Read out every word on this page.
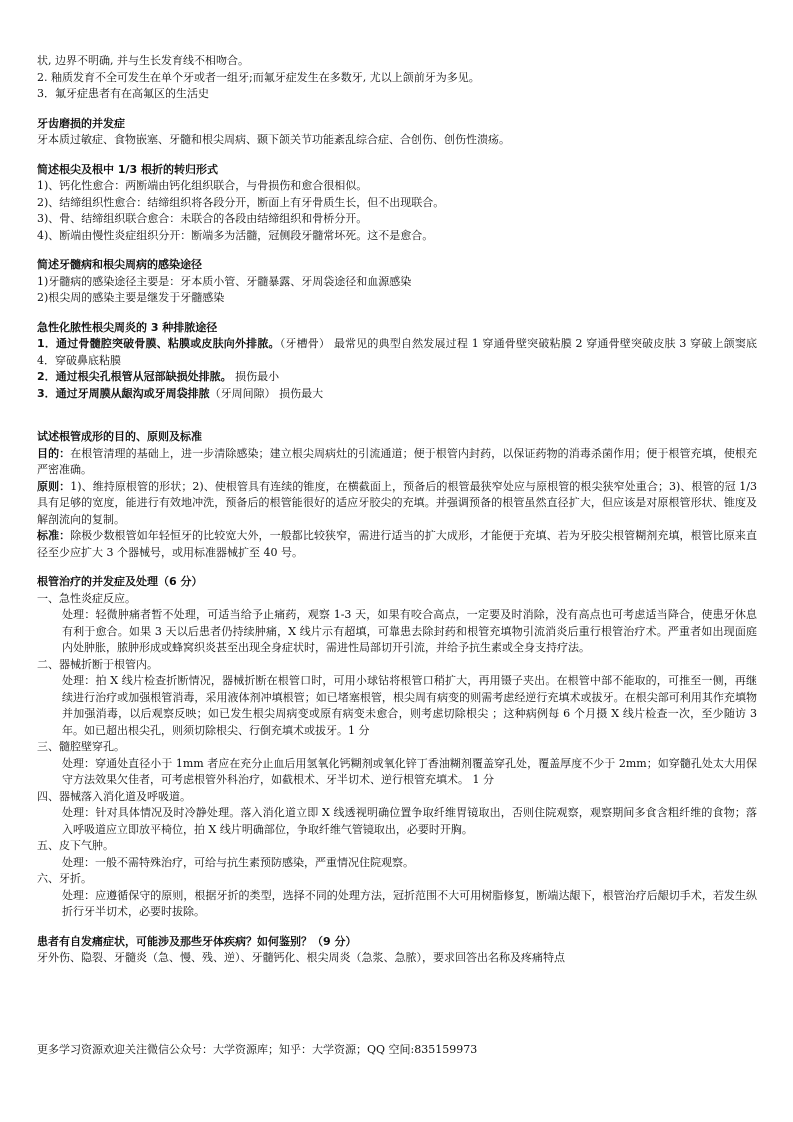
状, 边界不明确, 并与生长发育线不相吻合。

2. 釉质发育不全可发生在单个牙或者一组牙;而氟牙症发生在多数牙, 尤以上颌前牙为多见。

3．氟牙症患者有在高氟区的生活史

牙齿磨损的并发症

牙本质过敏症、食物嵌塞、牙髓和根尖周病、颞下颌关节功能紊乱综合症、合创伤、创伤性溃疡。

简述根尖及根中 1/3 根折的转归形式

1)、钙化性愈合：两断端由钙化组织联合，与骨损伤和愈合很相似。

2)、结缔组织性愈合：结缔组织将各段分开，断面上有牙骨质生长，但不出现联合。

3)、骨、结缔组织联合愈合：未联合的各段由结缔组织和骨桥分开。

4)、断端由慢性炎症组织分开：断端多为活髓，冠侧段牙髓常坏死。这不是愈合。

简述牙髓病和根尖周病的感染途径

1)牙髓病的感染途径主要是：牙本质小管、牙髓暴露、牙周袋途径和血源感染

2)根尖周的感染主要是继发于牙髓感染

急性化脓性根尖周炎的 3 种排脓途径

1．通过骨髓腔突破骨膜、粘膜或皮肤向外排脓。（牙槽骨） 最常见的典型自然发展过程 1 穿通骨壁突破粘膜 2 穿通骨壁突破皮肤 3 穿破上颌窦底 4．穿破鼻底粘膜

2．通过根尖孔根管从冠部缺损处排脓。 损伤最小

3．通过牙周膜从龈沟或牙周袋排脓（牙周间隙） 损伤最大

试述根管成形的目的、原则及标准

目的：在根管清理的基础上，进一步清除感染；建立根尖周病灶的引流通道；便于根管内封药，以保证药物的消毒杀菌作用；便于根管充填，使根充严密准确。

原则：1)、维持原根管的形状；2)、使根管具有连续的锥度，在横截面上，预备后的根管最狭窄处应与原根管的根尖狭窄处重合；3)、根管的冠 1/3 具有足够的宽度，能进行有效地冲洗，预备后的根管能很好的适应牙胶尖的充填。并强调预备的根管虽然直径扩大，但应该是对原根管形状、锥度及解剖流向的复制。

标准：除极少数根管如年轻恒牙的比较宽大外，一般都比较狭窄，需进行适当的扩大成形，才能便于充填、若为牙胶尖根管糊剂充填，根管比原来直径至少应扩大 3 个器械号，或用标准器械扩至 40 号。

根管治疗的并发症及处理（6 分）

一、急性炎症反应。

处理：轻微肿痛者暂不处理，可适当给予止痛药，观察 1-3 天，如果有咬合高点，一定要及时消除，没有高点也可考虑适当降合，使患牙休息有利于愈合。如果 3 天以后患者仍持续肿痛，X 线片示有超填，可靠患去除封药和根管充填物引流消炎后重行根管治疗术。严重者如出现面庭内处肿胀，脓肿形成或蜂窝织炎甚至出现全身症状时，需进性局部切开引流，并给予抗生素或全身支持疗法。

二、器械折断于根管内。

处理：拍 X 线片检查折断情况，器械折断在根管口时，可用小球钻将根管口稍扩大，再用镊子夹出。在根管中部不能取的，可推至一侧，再继续进行治疗或加强根管消毒，采用液体剂冲填根管；如已堵塞根管，根尖周有病变的则需考虑经逆行充填术或拔牙。在根尖部可利用其作充填物并加强消毒，以后观察反映；如已发生根尖周病变或原有病变未愈合，则考虑切除根尖 ；这种病例每 6 个月摄 X 线片检查一次，至少随访 3 年。如已超出根尖孔，则须切除根尖、行倒充填术或拔牙。1 分

三、髓腔壁穿孔。

处理：穿通处直径小于 1mm 者应在充分止血后用氢氧化钙糊剂或氧化锌丁香油糊剂覆盖穿孔处，覆盖厚度不少于 2mm；如穿髓孔处太大用保守方法效果欠佳者，可考虑根管外科治疗，如截根术、牙半切术、逆行根管充填术。 1 分

四、器械落入消化道及呼吸道。

处理：针对具体情况及时冷静处理。落入消化道立即 X 线透视明确位置争取纤维胃镜取出，否则住院观察，观察期间多食含粗纤维的食物；落入呼吸道应立即放平椅位，拍 X 线片明确部位，争取纤维气管镜取出，必要时开胸。

五、皮下气肿。

处理：一般不需特殊治疗，可给与抗生素预防感染，严重情况住院观察。

六、牙折。

处理：应遵循保守的原则，根据牙折的类型，选择不同的处理方法，冠折范围不大可用树脂修复，断端达龈下，根管治疗后龈切手术，若发生纵折行牙半切术，必要时拔除。

患者有自发痛症状，可能涉及那些牙体疾病？如何鉴别？（9 分）

牙外伤、隐裂、牙髓炎（急、慢、残、逆）、牙髓钙化、根尖周炎（急浆、急脓），要求回答出名称及疼痛特点

更多学习资源欢迎关注微信公众号：大学资源库；知乎：大学资源；QQ 空间:835159973
